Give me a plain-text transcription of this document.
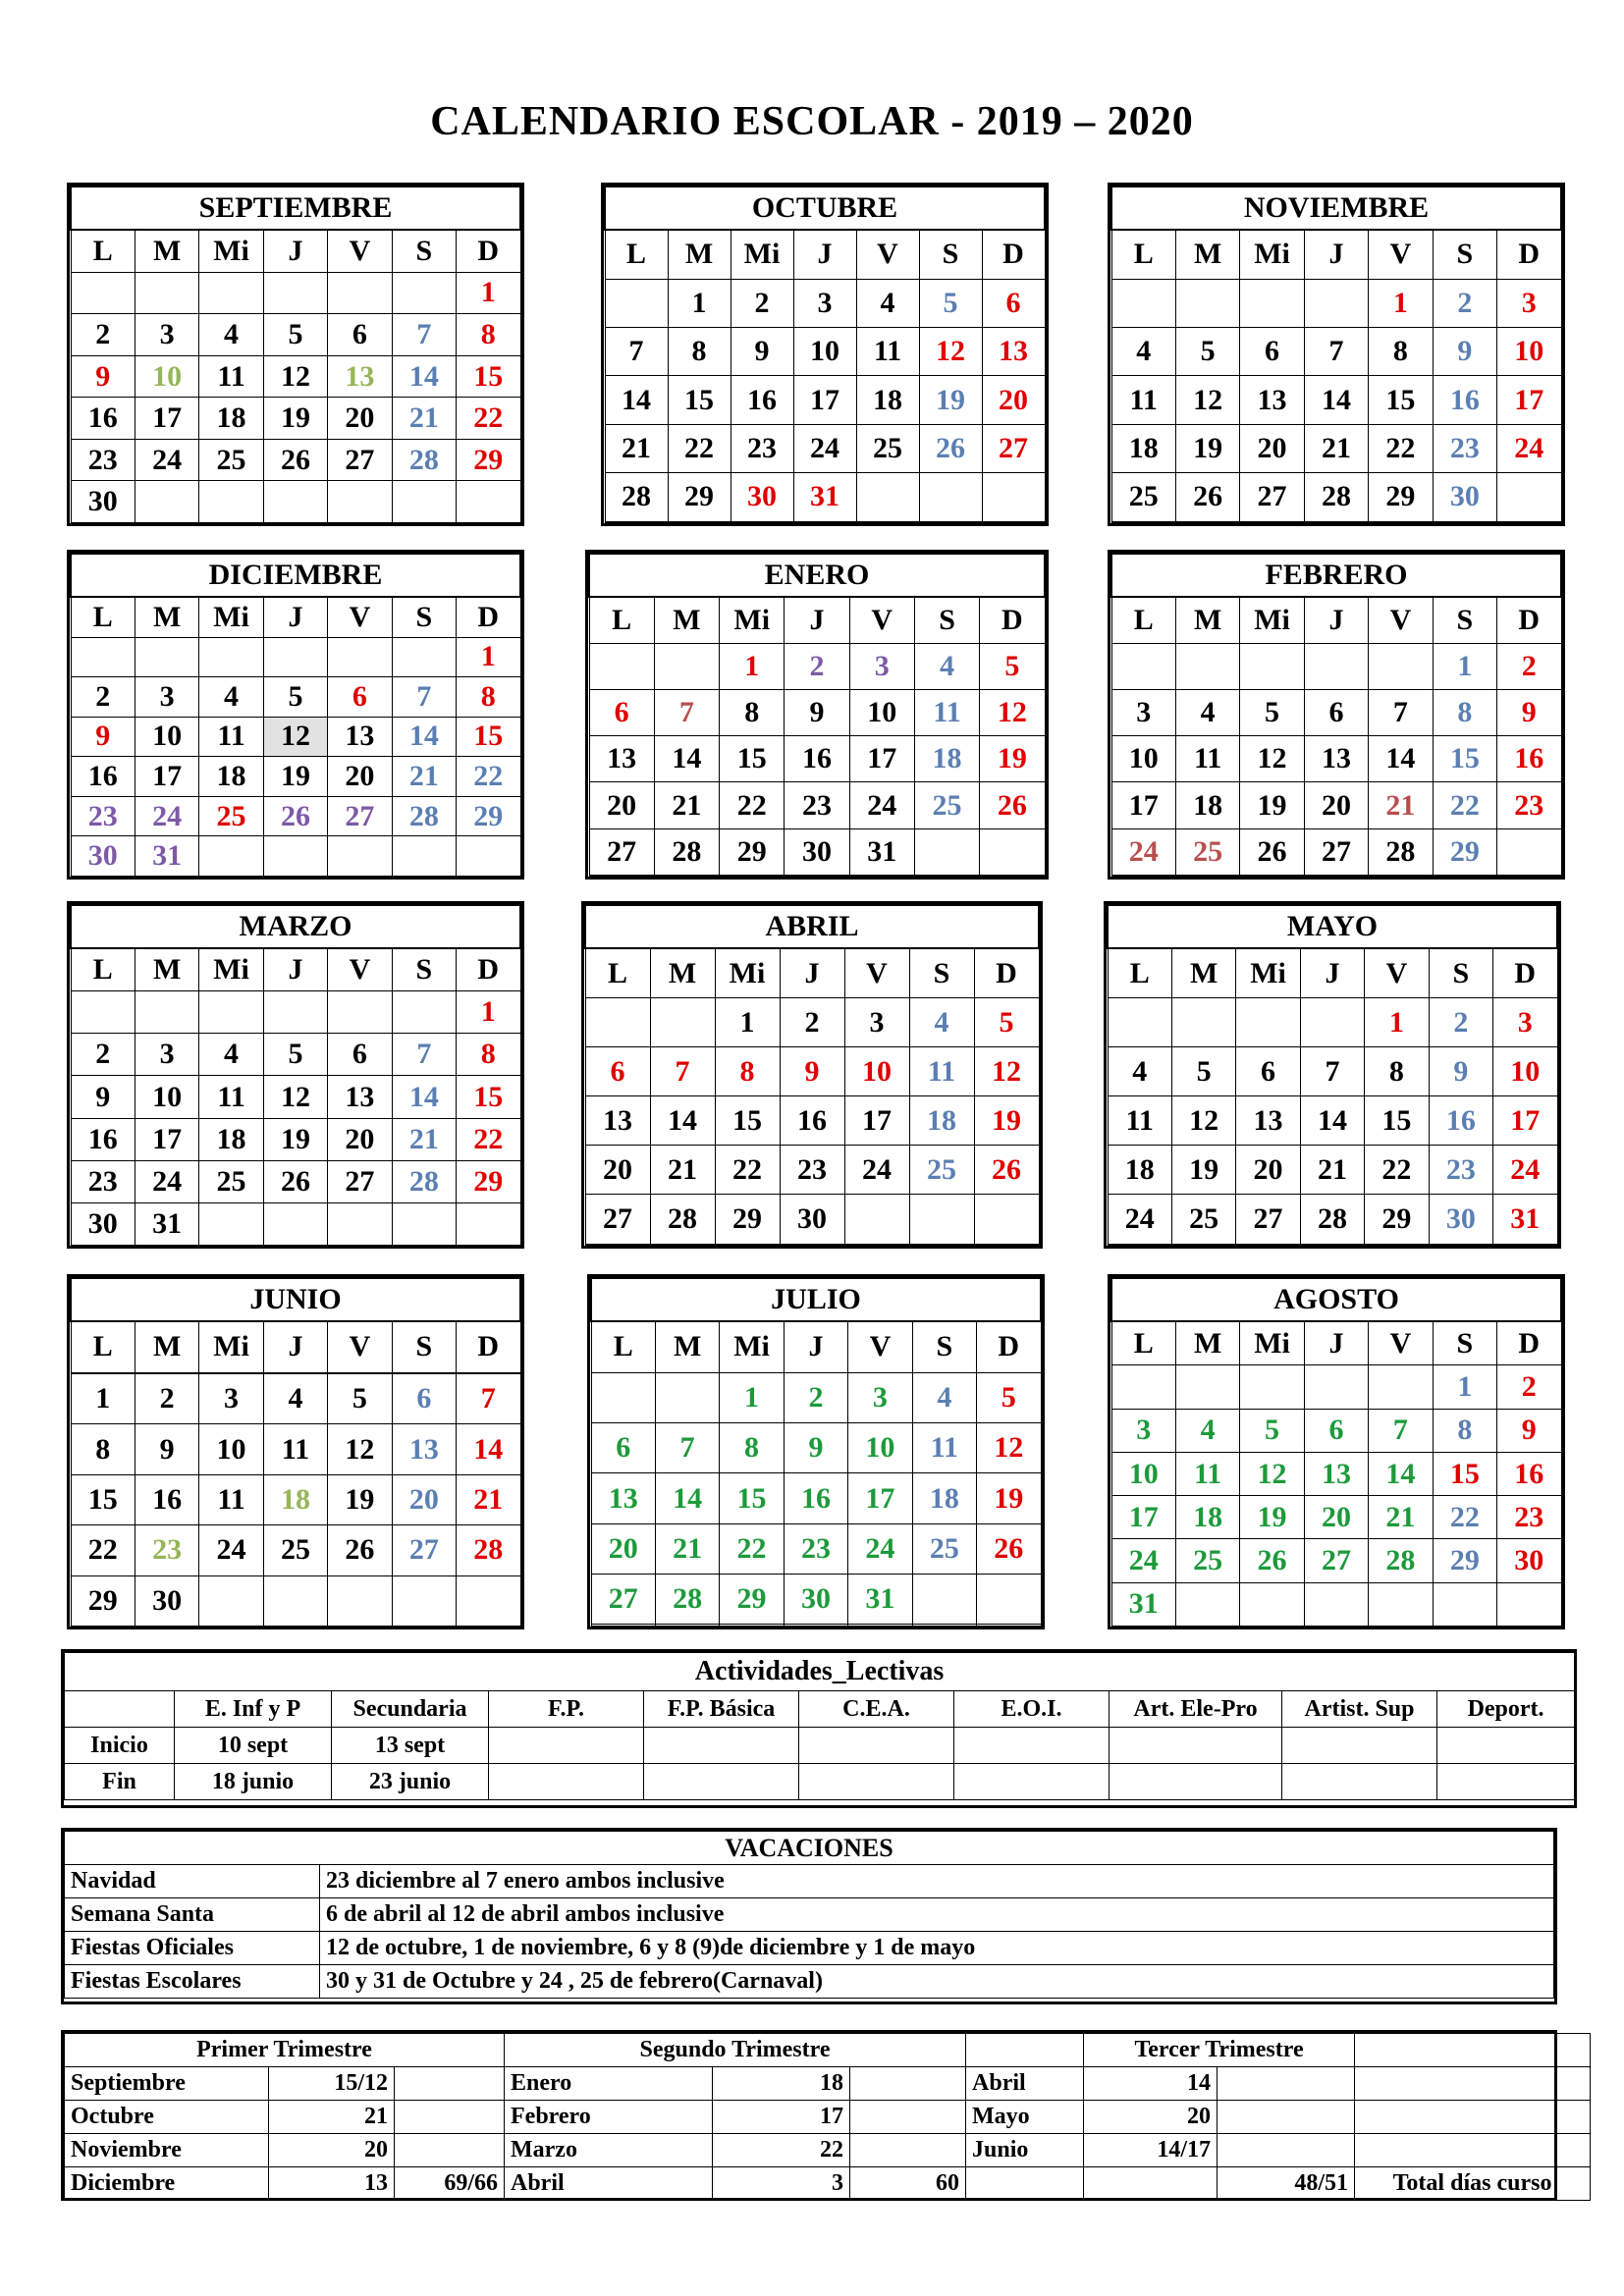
CALENDARIO ESCOLAR - 2019 – 2020
SEPTIEMBRE						
L	M	Mi	J	V	S	D
						1
2	3	4	5	6	7	8
9	10	11	12	13	14	15
16	17	18	19	20	21	22
23	24	25	26	27	28	29
30						
OCTUBRE						
L	M	Mi	J	V	S	D
	1	2	3	4	5	6
7	8	9	10	11	12	13
14	15	16	17	18	19	20
21	22	23	24	25	26	27
28	29	30	31			

NOVIEMBRE						
L	M	Mi	J	V	S	D
				1	2	3
4	5	6	7	8	9	10
11	12	13	14	15	16	17
18	19	20	21	22	23	24
25	26	27	28	29	30	

DICIEMBRE						
L	M	Mi	J	V	S	D
						1
2	3	4	5	6	7	8
9	10	11	12	13	14	15
16	17	18	19	20	21	22
23	24	25	26	27	28	29
30	31					
ENERO						
L	M	Mi	J	V	S	D
		1	2	3	4	5
6	7	8	9	10	11	12
13	14	15	16	17	18	19
20	21	22	23	24	25	26
27	28	29	30	31		

FEBRERO						
L	M	Mi	J	V	S	D
					1	2
3	4	5	6	7	8	9
10	11	12	13	14	15	16
17	18	19	20	21	22	23
24	25	26	27	28	29	

MARZO						
L	M	Mi	J	V	S	D
						1
2	3	4	5	6	7	8
9	10	11	12	13	14	15
16	17	18	19	20	21	22
23	24	25	26	27	28	29
30	31					
ABRIL						
L	M	Mi	J	V	S	D
		1	2	3	4	5
6	7	8	9	10	11	12
13	14	15	16	17	18	19
20	21	22	23	24	25	26
27	28	29	30			

MAYO						
L	M	Mi	J	V	S	D
				1	2	3
4	5	6	7	8	9	10
11	12	13	14	15	16	17
18	19	20	21	22	23	24
24	25	27	28	29	30	31

JUNIO						
L	M	Mi	J	V	S	D

1	2	3	4	5	6	7
8	9	10	11	12	13	14
15	16	11	18	19	20	21
22	23	24	25	26	27	28
29	30					
JULIO						
L	M	Mi	J	V	S	D
		1	2	3	4	5
6	7	8	9	10	11	12
13	14	15	16	17	18	19
20	21	22	23	24	25	26
27	28	29	30	31		

AGOSTO						
L	M	Mi	J	V	S	D
					1	2
3	4	5	6	7	8	9
10	11	12	13	14	15	16
17	18	19	20	21	22	23
24	25	26	27	28	29	30
31						
Actividades_Lectivas									
	E. Inf y P	Secundaria	F.P.	F.P. Básica	C.E.A.	E.O.I.	Art. Ele-Pro	Artist. Sup	Deport.
Inicio	10 sept	13 sept							
Fin	18 junio	23 junio							
VACACIONES	
Navidad	23 diciembre al 7 enero ambos inclusive
Semana Santa	6 de abril al 12 de abril ambos inclusive
Fiestas Oficiales	12 de octubre, 1 de noviembre, 6 y 8 (9)de diciembre y 1 de mayo
Fiestas Escolares	30 y 31 de Octubre y 24 , 25 de febrero(Carnaval)
Primer Trimestre			Segundo Trimestre				Tercer Trimestre			
Septiembre	15/12		Enero	18		Abril	14			
Octubre	21		Febrero	17		Mayo	20			
Noviembre	20		Marzo	22		Junio	14/17			
Diciembre	13	69/66	Abril	3	60			48/51	Total días curso	
